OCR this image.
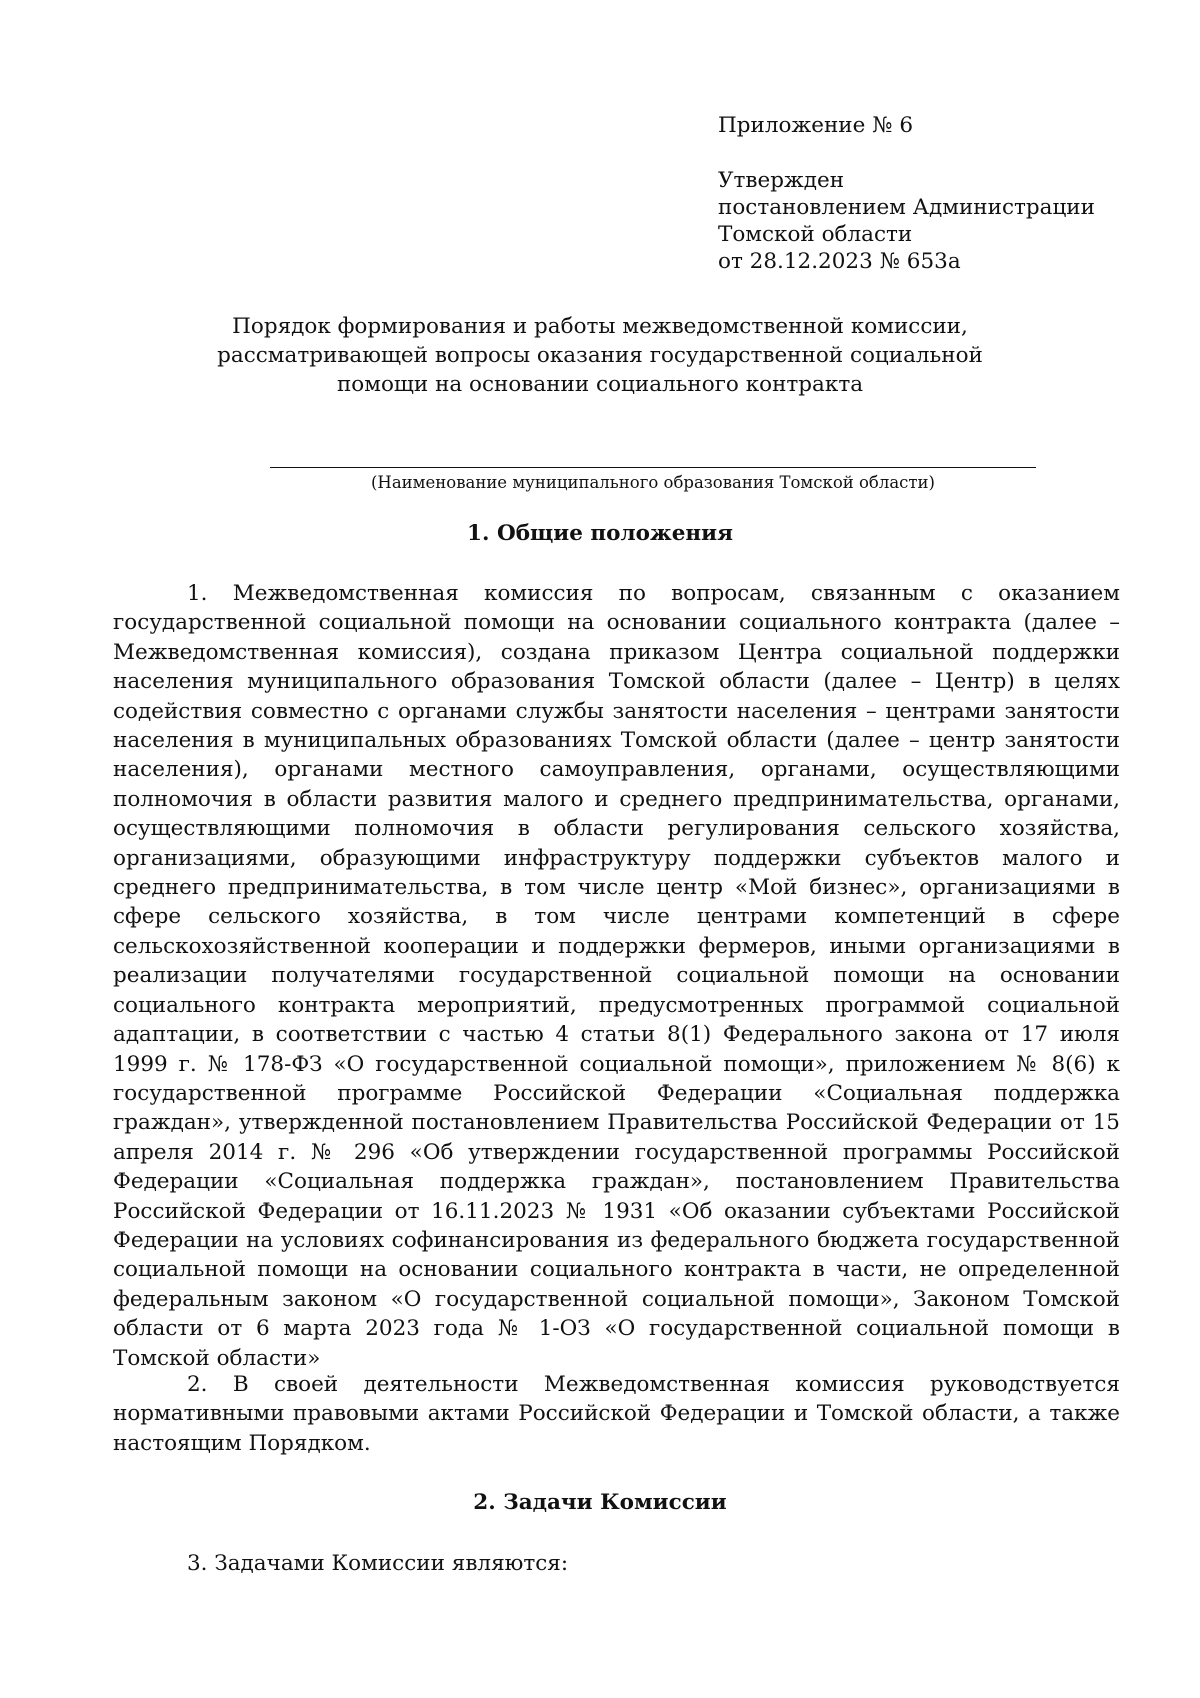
Приложение № 6

Утвержден

постановлением Администрации

Томской области

от 28.12.2023 № 653а

Порядок формирования и работы межведомственной комиссии,

рассматривающей вопросы оказания государственной социальной

помощи на основании социального контракта

(Наименование муниципального образования Томской области)
1. Общие положения

1. Межведомственная комиссия по вопросам, связанным с оказанием государственной социальной помощи на основании социального контракта (далее – Межведомственная комиссия), создана приказом Центра социальной поддержки населения муниципального образования Томской области (далее – Центр) в целях содействия совместно с органами службы занятости населения – центрами занятости населения в муниципальных образованиях Томской области (далее – центр занятости населения), органами местного самоуправления, органами, осуществляющими полномочия в области развития малого и среднего предпринимательства, органами, осуществляющими полномочия в области регулирования сельского хозяйства, организациями, образующими инфраструктуру поддержки субъектов малого и среднего предпринимательства, в том числе центр «Мой бизнес», организациями в сфере сельского хозяйства, в том числе центрами компетенций в сфере сельскохозяйственной кооперации и поддержки фермеров, иными организациями в реализации получателями государственной социальной помощи на основании социального контракта мероприятий, предусмотренных программой социальной адаптации, в соответствии с частью 4 статьи 8(1) Федерального закона от 17 июля 1999 г. № 178-ФЗ «О государственной социальной помощи», приложением № 8(6) к государственной программе Российской Федерации «Социальная поддержка граждан», утвержденной постановлением Правительства Российской Федерации от 15 апреля 2014 г. № 296 «Об утверждении государственной программы Российской Федерации «Социальная поддержка граждан», постановлением Правительства Российской Федерации от 16.11.2023 № 1931 «Об оказании субъектами Российской Федерации на условиях софинансирования из федерального бюджета государственной социальной помощи на основании социального контракта в части, не определенной федеральным законом «О государственной социальной помощи», Законом Томской области от 6 марта 2023 года № 1-ОЗ «О государственной социальной помощи в Томской области»

2. В своей деятельности Межведомственная комиссия руководствуется нормативными правовыми актами Российской Федерации и Томской области, а также настоящим Порядком.

2. Задачи Комиссии

3. Задачами Комиссии являются:
